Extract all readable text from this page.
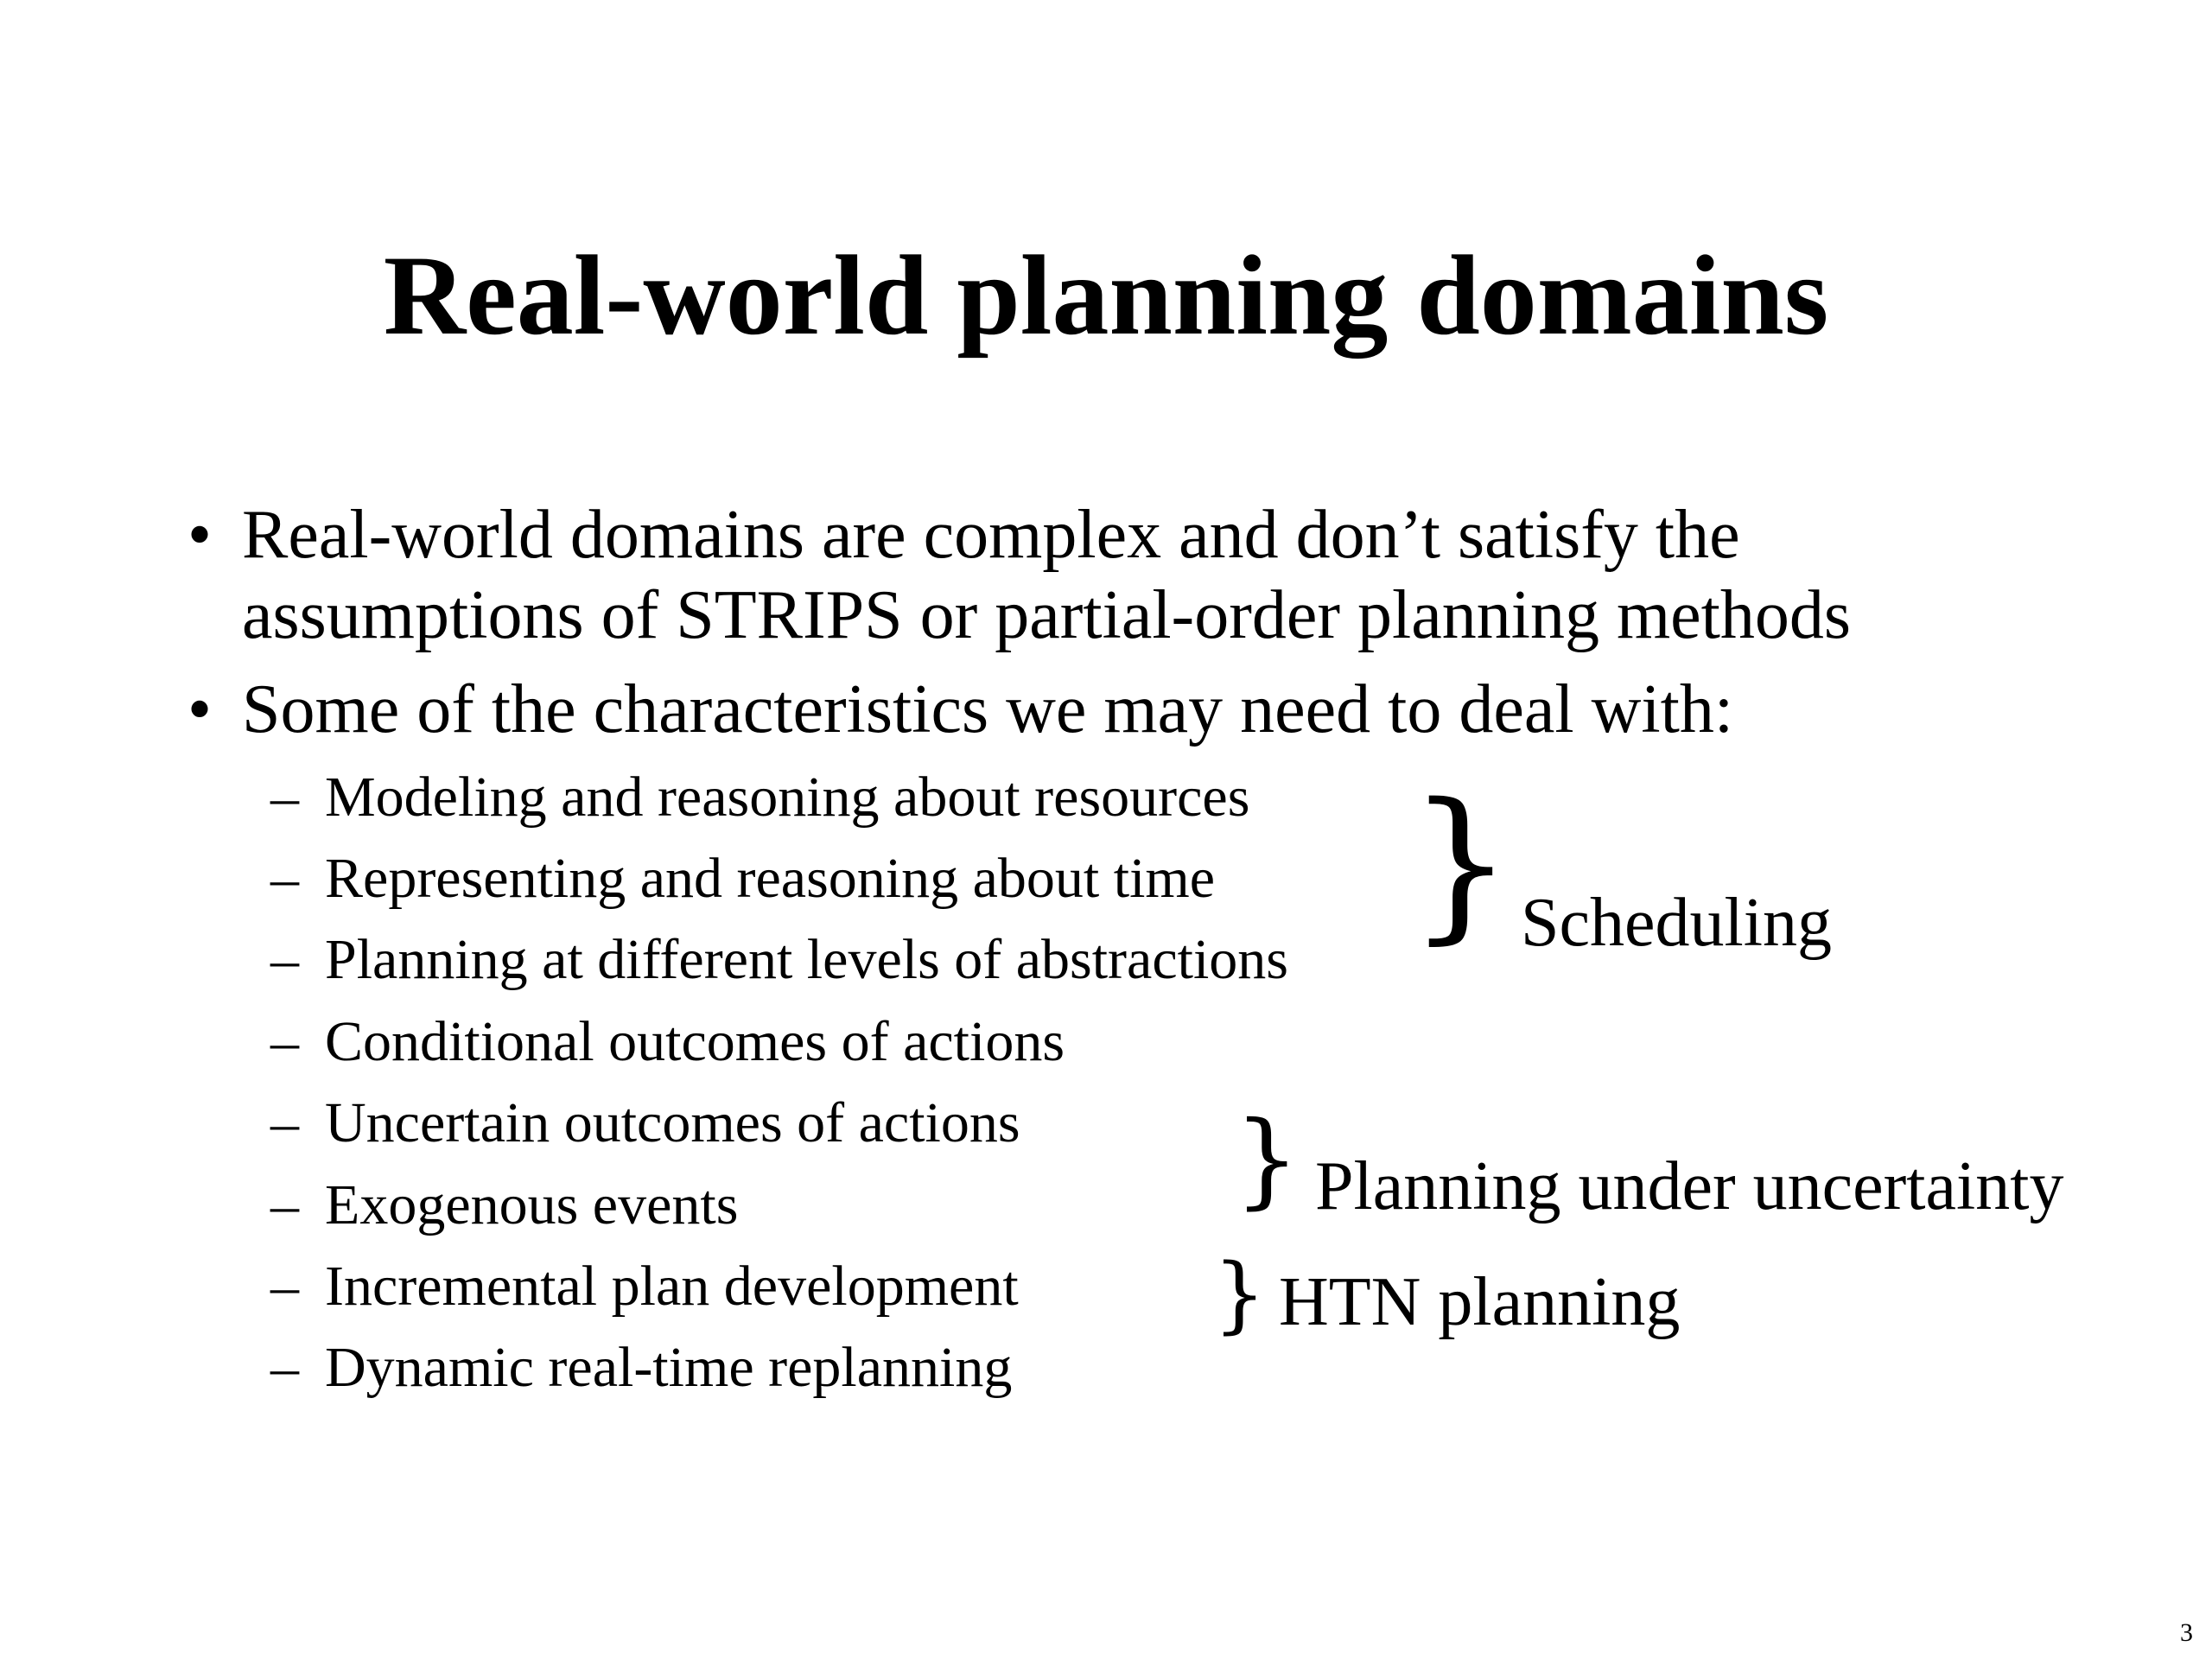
Real-world planning domains
• Real-world domains are complex and don’t satisfy the
assumptions of STRIPS or partial-order planning methods
• Some of the characteristics we may need to deal with:
– Modeling and reasoning about resources
– Representing and reasoning about time
– Planning at different levels of abstractions
– Conditional outcomes of actions
– Uncertain outcomes of actions
– Exogenous events
– Incremental plan development
– Dynamic real-time replanning
} Scheduling
} Planning under uncertainty
} HTN planning
3
